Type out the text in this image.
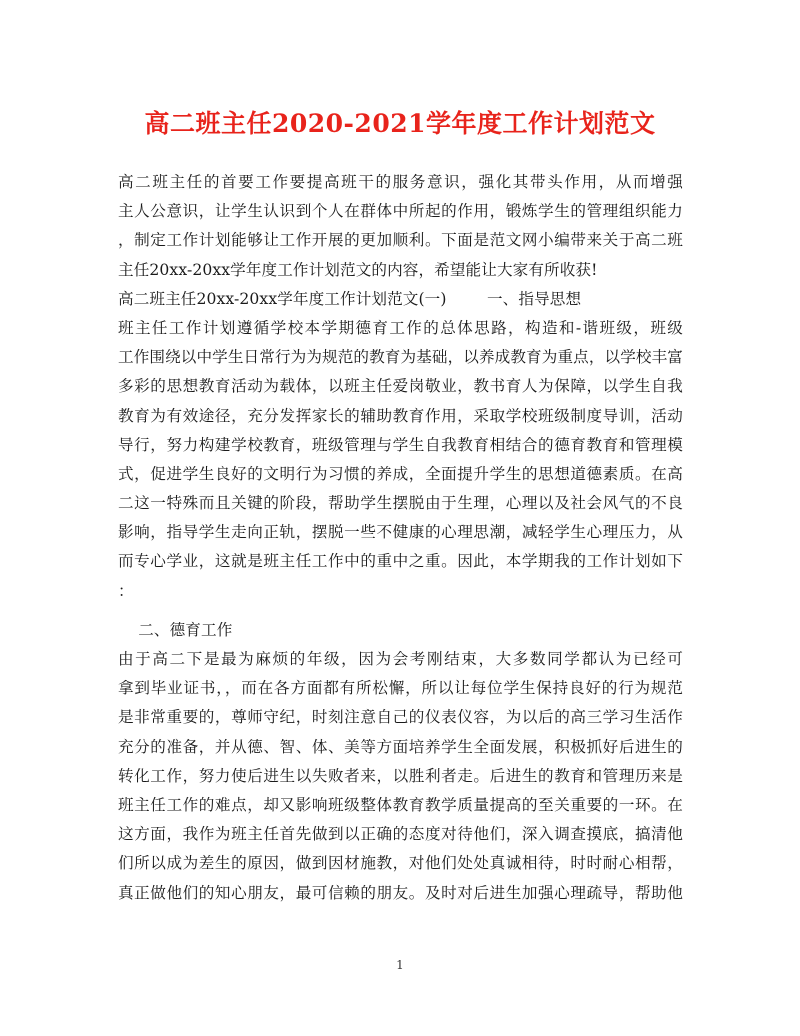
高二班主任2020-2021学年度工作计划范文
高二班主任的首要工作要提高班干的服务意识，强化其带头作用，从而增强
主人公意识，让学生认识到个人在群体中所起的作用，锻炼学生的管理组织能力
，制定工作计划能够让工作开展的更加顺利。下面是范文网小编带来关于高二班
主任20xx-20xx学年度工作计划范文的内容，希望能让大家有所收获!
高二班主任20xx-20xx学年度工作计划范文(一)        一、指导思想
班主任工作计划遵循学校本学期德育工作的总体思路，构造和-谐班级，班级
工作围绕以中学生日常行为为规范的教育为基础，以养成教育为重点，以学校丰富
多彩的思想教育活动为载体，以班主任爱岗敬业，教书育人为保障，以学生自我
教育为有效途径，充分发挥家长的辅助教育作用，采取学校班级制度导训，活动
导行，努力构建学校教育，班级管理与学生自我教育相结合的德育教育和管理模
式，促进学生良好的文明行为习惯的养成，全面提升学生的思想道德素质。在高
二这一特殊而且关键的阶段，帮助学生摆脱由于生理，心理以及社会风气的不良
影响，指导学生走向正轨，摆脱一些不健康的心理思潮，减轻学生心理压力，从
而专心学业，这就是班主任工作中的重中之重。因此，本学期我的工作计划如下
：
二、德育工作
由于高二下是最为麻烦的年级，因为会考刚结束，大多数同学都认为已经可
拿到毕业证书，，而在各方面都有所松懈，所以让每位学生保持良好的行为规范
是非常重要的，尊师守纪，时刻注意自己的仪表仪容，为以后的高三学习生活作
充分的准备，并从德、智、体、美等方面培养学生全面发展，积极抓好后进生的
转化工作，努力使后进生以失败者来，以胜利者走。后进生的教育和管理历来是
班主任工作的难点，却又影响班级整体教育教学质量提高的至关重要的一环。在
这方面，我作为班主任首先做到以正确的态度对待他们，深入调查摸底，搞清他
们所以成为差生的原因，做到因材施教，对他们处处真诚相待，时时耐心相帮，
真正做他们的知心朋友，最可信赖的朋友。及时对后进生加强心理疏导，帮助他
1
